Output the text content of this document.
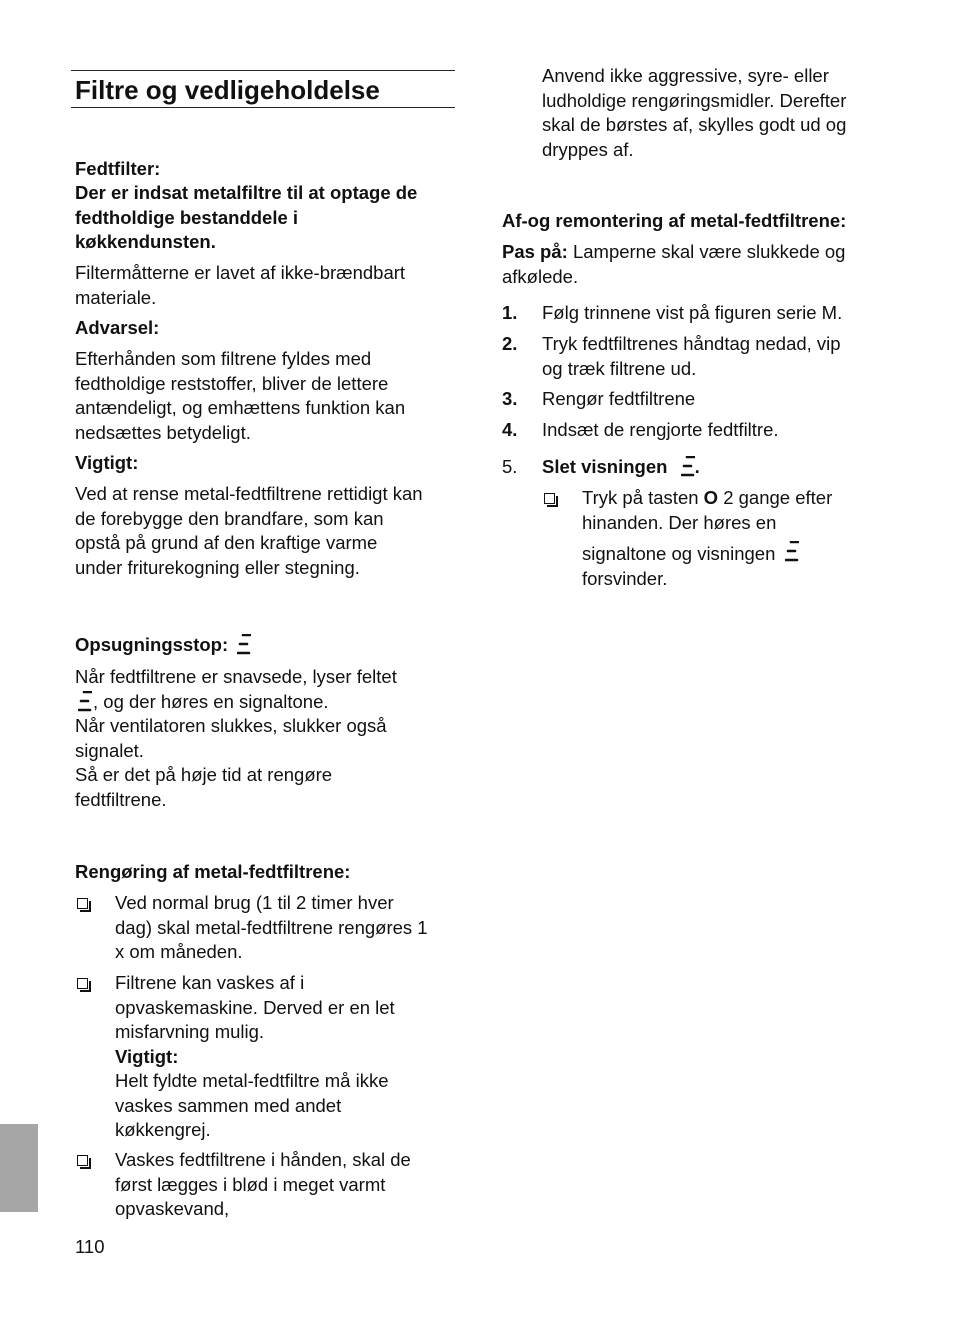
Filtre og vedligeholdelse
Fedtfilter:
Der er indsat metalfiltre til at optage de
fedtholdige bestanddele i
køkkendunsten.
Filtermåtterne er lavet af ikke-brændbart
materiale.
Advarsel:
Efterhånden som filtrene fyldes med
fedtholdige reststoffer, bliver de lettere
antændeligt, og emhættens funktion kan
nedsættes betydeligt.
Vigtigt:
Ved at rense metal-fedtfiltrene rettidigt kan
de forebygge den brandfare, som kan
opstå på grund af den kraftige varme
under friturekogning eller stegning.
Opsugningsstop:
Når fedtfiltrene er snavsede, lyser feltet
, og der høres en signaltone.
Når ventilatoren slukkes, slukker også
signalet.
Så er det på høje tid at rengøre
fedtfiltrene.
Rengøring af metal-fedtfiltrene:
Ved normal brug (1 til 2 timer hver
dag) skal metal-fedtfiltrene rengøres 1
x om måneden.
Filtrene kan vaskes af i
opvaskemaskine. Derved er en let
misfarvning mulig.
Vigtigt:
Helt fyldte metal-fedtfiltre må ikke
vaskes sammen med andet
køkkengrej.
Vaskes fedtfiltrene i hånden, skal de
først lægges i blød i meget varmt
opvaskevand,
Anvend ikke aggressive, syre- eller
ludholdige rengøringsmidler. Derefter
skal de børstes af, skylles godt ud og
dryppes af.
Af-og remontering af metal-fedtfiltrene:
Pas på: Lamperne skal være slukkede og
afkølede.
1. Følg trinnene vist på figuren serie M.
2. Tryk fedtfiltrenes håndtag nedad, vip
og træk filtrene ud.
3. Rengør fedtfiltrene
4. Indsæt de rengjorte fedtfiltre.
5. Slet visningen .
Tryk på tasten O 2 gange efter
hinanden. Der høres en
signaltone og visningen
forsvinder.
110
